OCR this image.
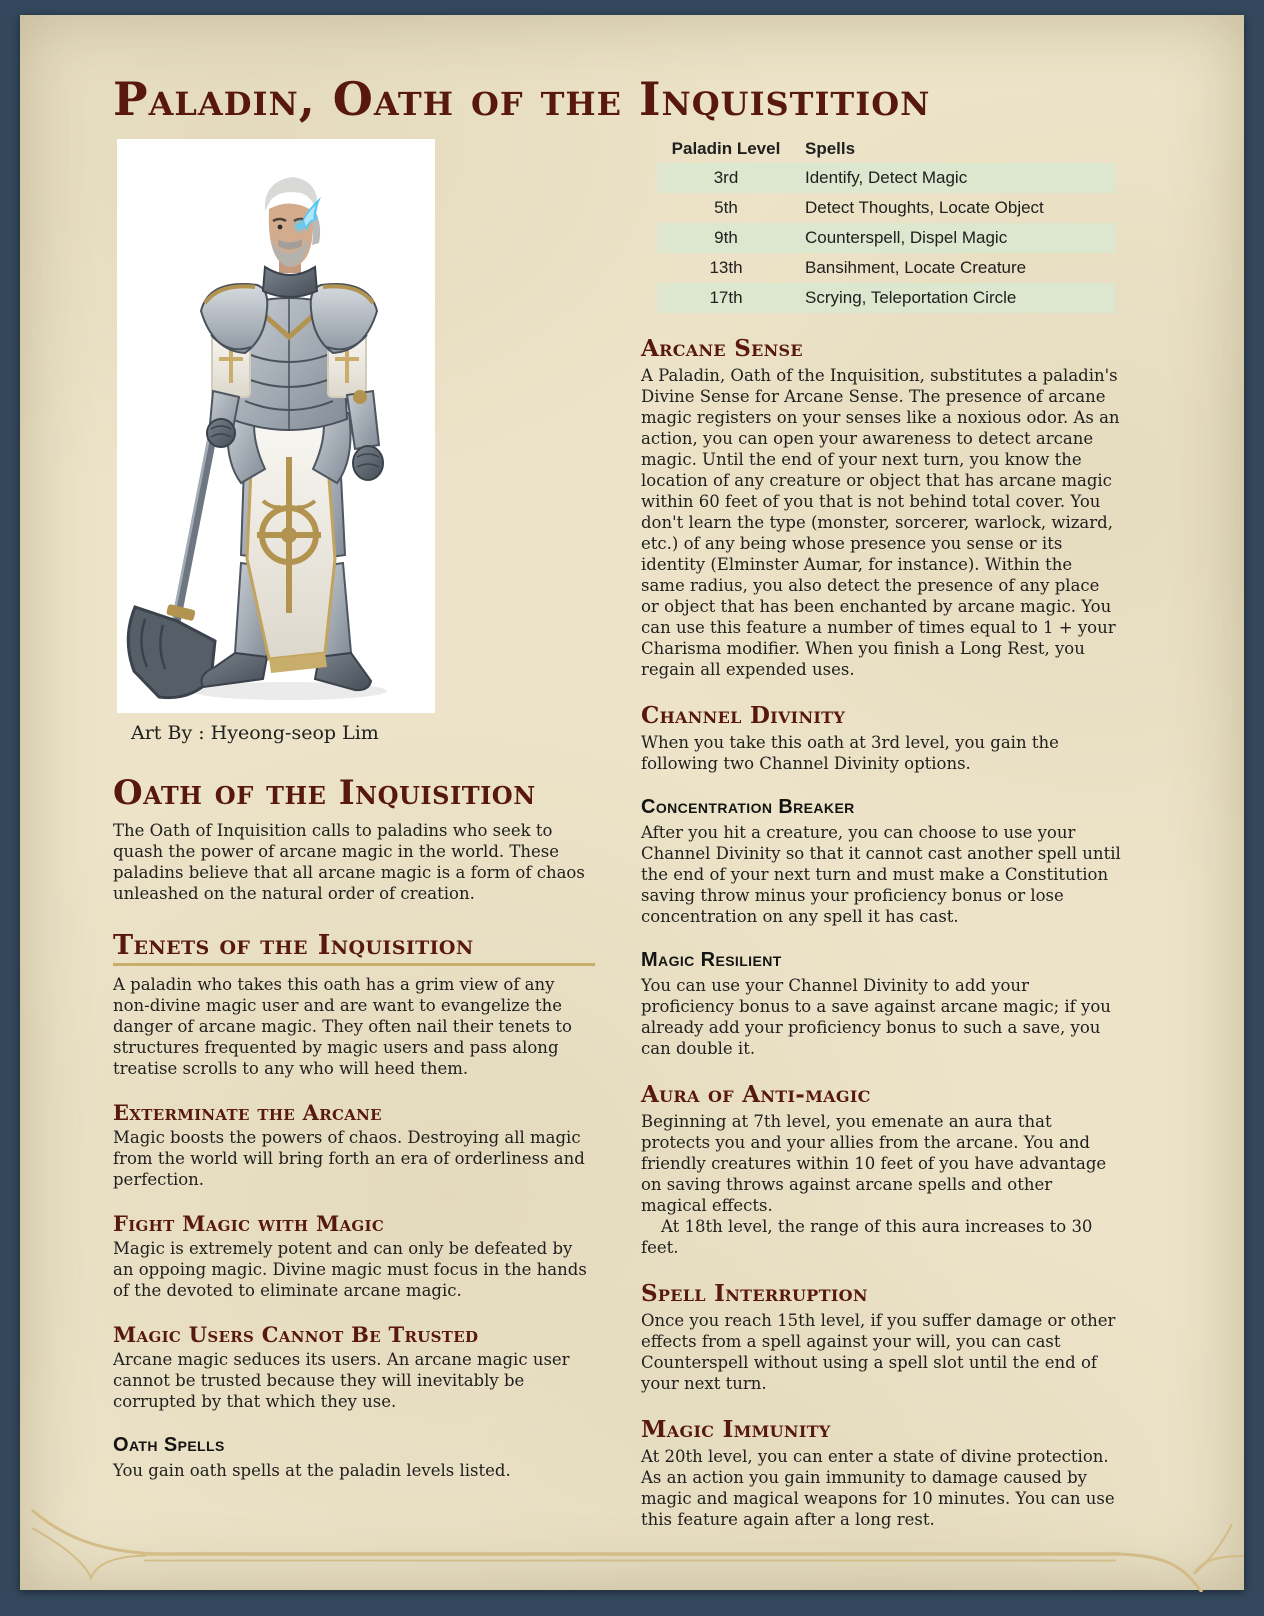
Paladin, Oath of the Inquistition
Art By : Hyeong-seop Lim
Oath of the Inquisition

The Oath of Inquisition calls to paladins who seek to quash the power of arcane magic in the world. These paladins believe that all arcane magic is a form of chaos unleashed on the natural order of creation.

Tenets of the Inquisition

A paladin who takes this oath has a grim view of any non-divine magic user and are want to evangelize the danger of arcane magic. They often nail their tenets to structures frequented by magic users and pass along treatise scrolls to any who will heed them.

Exterminate the Arcane

Magic boosts the powers of chaos. Destroying all magic from the world will bring forth an era of orderliness and perfection.

Fight Magic with Magic

Magic is extremely potent and can only be defeated by an oppoing magic. Divine magic must focus in the hands of the devoted to eliminate arcane magic.

Magic Users Cannot Be Trusted

Arcane magic seduces its users. An arcane magic user cannot be trusted because they will inevitably be corrupted by that which they use.

Oath Spells

You gain oath spells at the paladin levels listed.

Paladin Level	Spells
3rd	Identify, Detect Magic
5th	Detect Thoughts, Locate Object
9th	Counterspell, Dispel Magic
13th	Bansihment, Locate Creature
17th	Scrying, Teleportation Circle
Arcane Sense

A Paladin, Oath of the Inquisition, substitutes a paladin's Divine Sense for Arcane Sense. The presence of arcane magic registers on your senses like a noxious odor. As an action, you can open your awareness to detect arcane magic. Until the end of your next turn, you know the location of any creature or object that has arcane magic within 60 feet of you that is not behind total cover. You don't learn the type (monster, sorcerer, warlock, wizard, etc.) of any being whose presence you sense or its identity (Elminster Aumar, for instance). Within the same radius, you also detect the presence of any place or object that has been enchanted by arcane magic. You can use this feature a number of times equal to 1 + your Charisma modifier. When you finish a Long Rest, you regain all expended uses.

Channel Divinity

When you take this oath at 3rd level, you gain the following two Channel Divinity options.

Concentration Breaker

After you hit a creature, you can choose to use your Channel Divinity so that it cannot cast another spell until the end of your next turn and must make a Constitution saving throw minus your proficiency bonus or lose concentration on any spell it has cast.

Magic Resilient

You can use your Channel Divinity to add your proficiency bonus to a save against arcane magic; if you already add your proficiency bonus to such a save, you can double it.

Aura of Anti-magic

Beginning at 7th level, you emenate an aura that protects you and your allies from the arcane. You and friendly creatures within 10 feet of you have advantage on saving throws against arcane spells and other magical effects.

At 18th level, the range of this aura increases to 30 feet.

Spell Interruption

Once you reach 15th level, if you suffer damage or other effects from a spell against your will, you can cast Counterspell without using a spell slot until the end of your next turn.

Magic Immunity

At 20th level, you can enter a state of divine protection. As an action you gain immunity to damage caused by magic and magical weapons for 10 minutes. You can use this feature again after a long rest.
